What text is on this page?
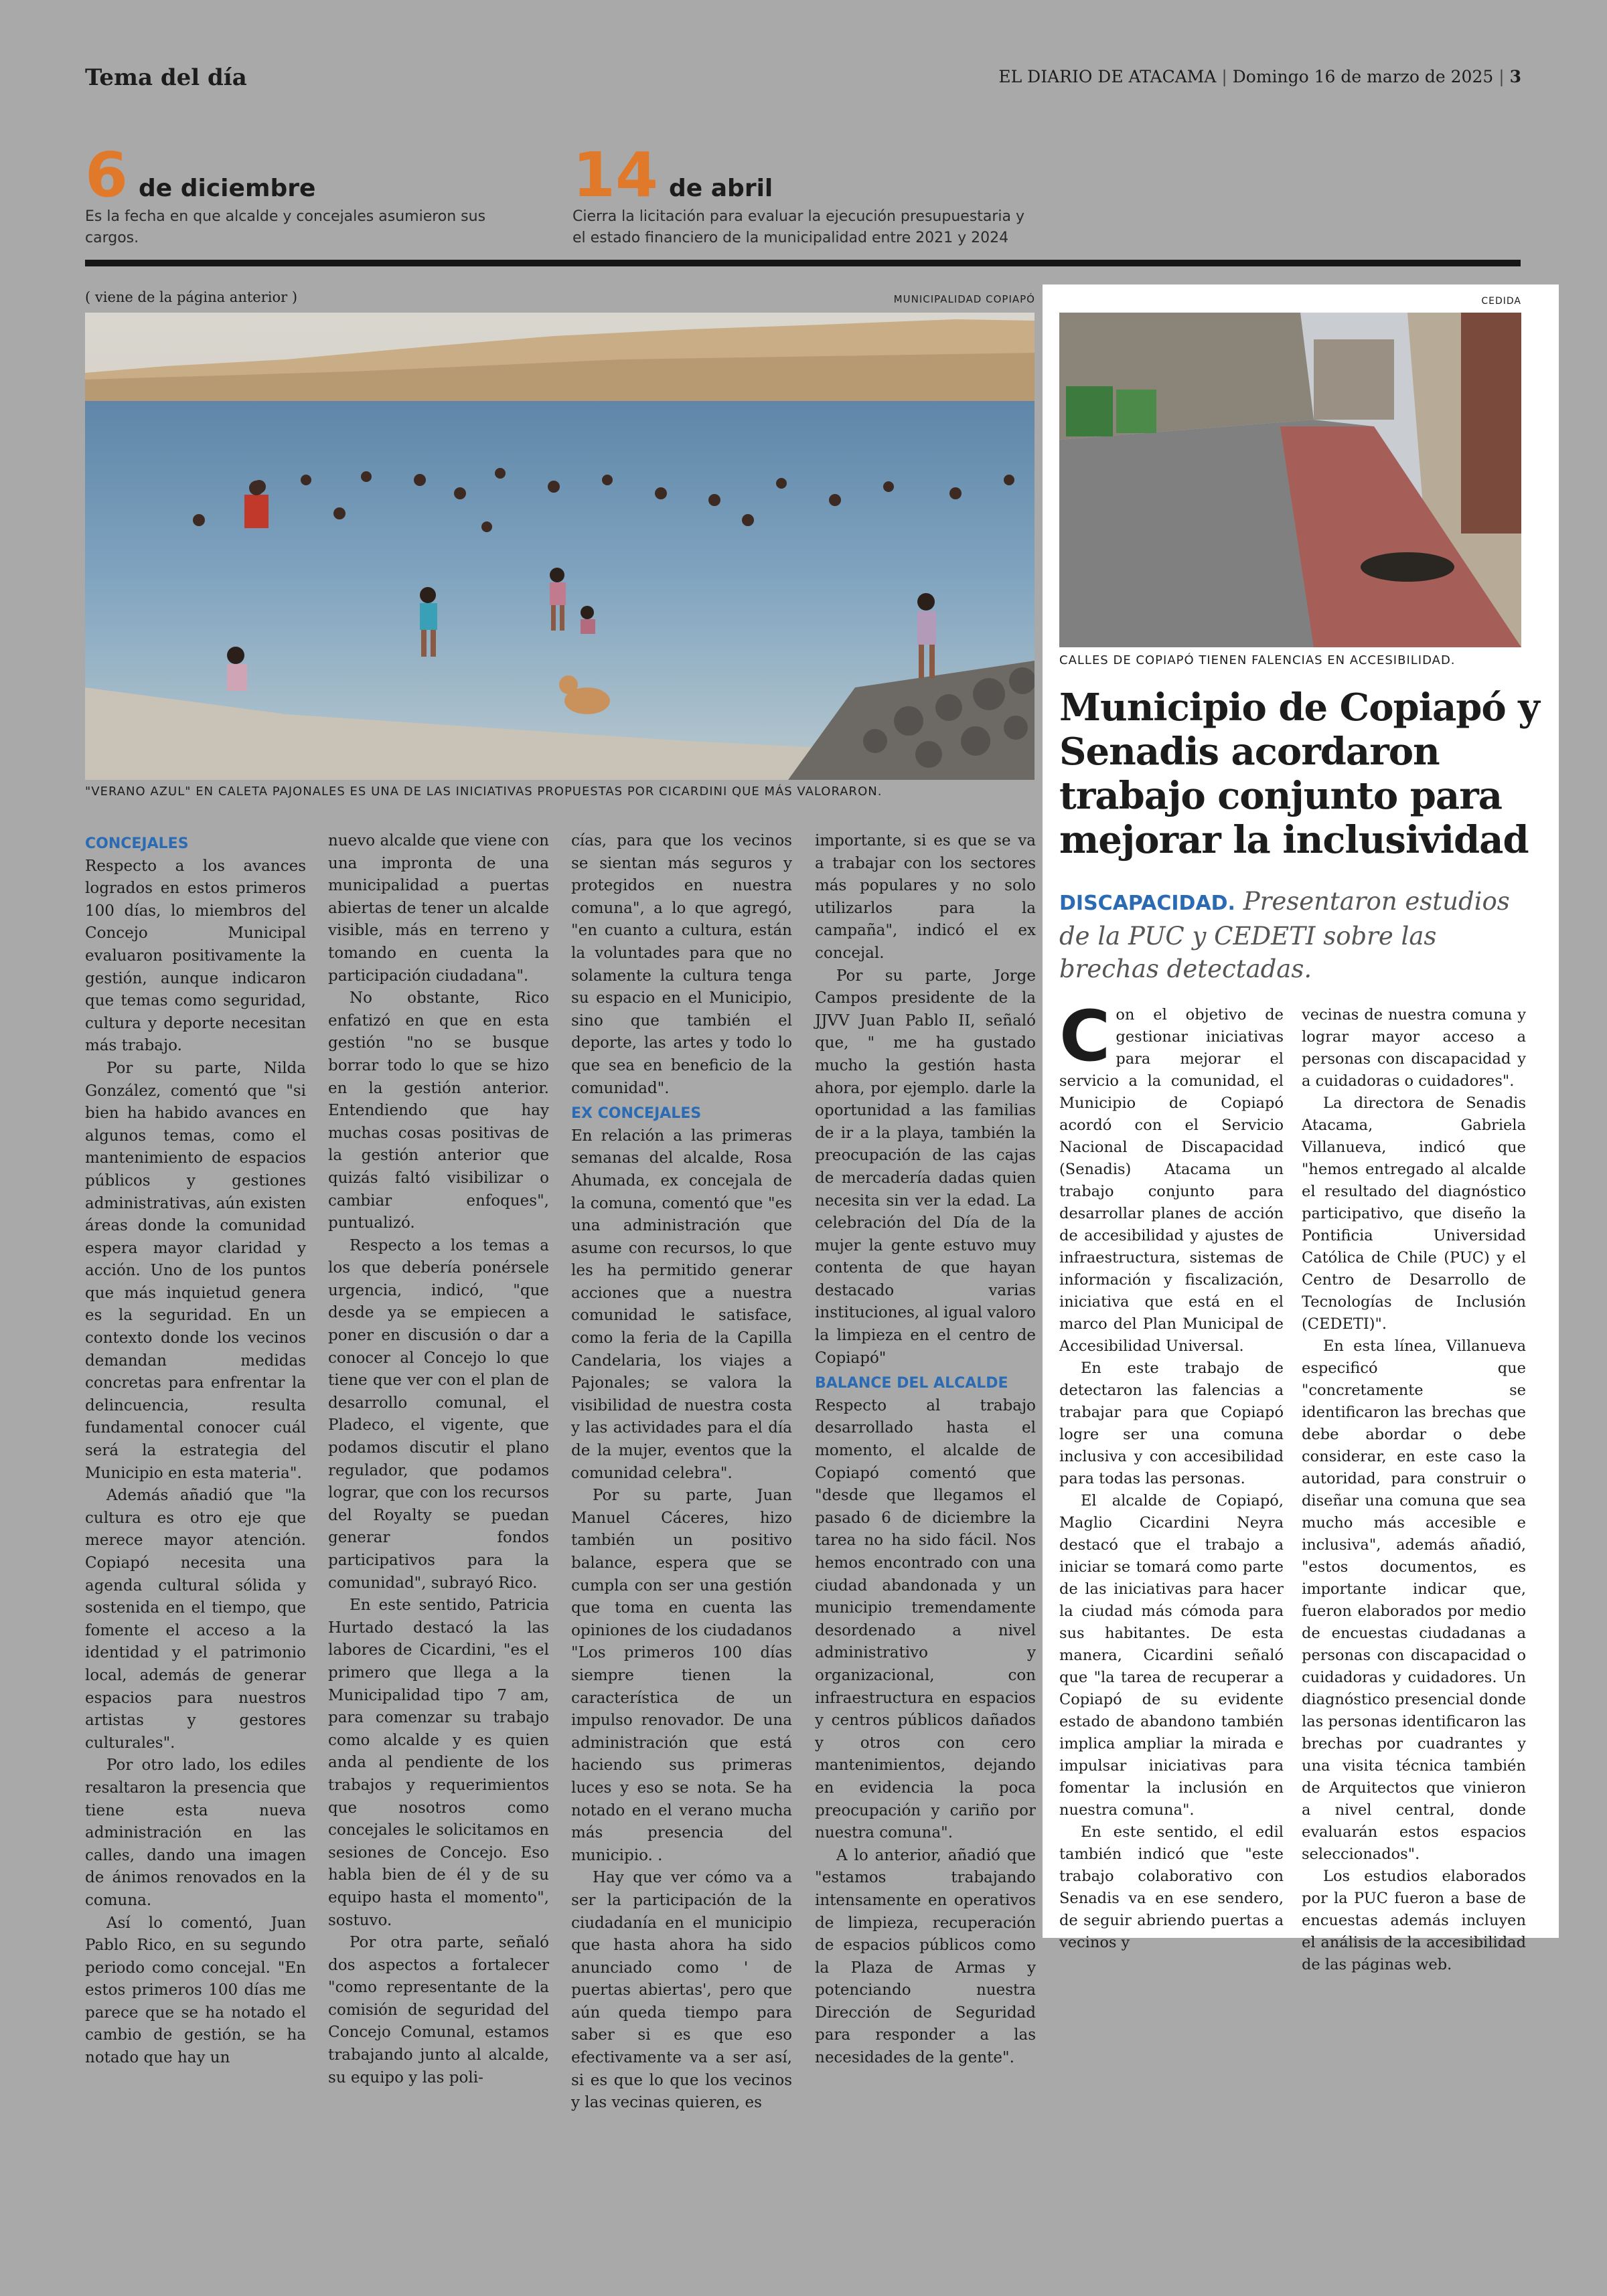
Tema del día	EL DIARIO DE ATACAMA | Domingo 16 de marzo de 2025 | 3
6 de diciembre
Es la fecha en que alcalde y concejales asumieron sus cargos.
14 de abril
Cierra la licitación para evaluar la ejecución presupuestaria y el estado financiero de la municipalidad entre 2021 y 2024
( viene de la página anterior )	MUNICIPALIDAD COPIAPÓ
"VERANO AZUL" EN CALETA PAJONALES ES UNA DE LAS INICIATIVAS PROPUESTAS POR CICARDINI QUE MÁS VALORARON.
CONCEJALES

Respecto a los avances logrados en estos primeros 100 días, lo miembros del Concejo Municipal evaluaron positivamente la gestión, aunque indicaron que temas como seguridad, cultura y deporte necesitan más trabajo.

Por su parte, Nilda González, comentó que "si bien ha habido avances en algunos temas, como el mantenimiento de espacios públicos y gestiones administrativas, aún existen áreas donde la comunidad espera mayor claridad y acción. Uno de los puntos que más inquietud genera es la seguridad. En un contexto donde los vecinos demandan medidas concretas para enfrentar la delincuencia, resulta fundamental conocer cuál será la estrategia del Municipio en esta materia".

Además añadió que "la cultura es otro eje que merece mayor atención. Copiapó necesita una agenda cultural sólida y sostenida en el tiempo, que fomente el acceso a la identidad y el patrimonio local, además de generar espacios para nuestros artistas y gestores culturales".

Por otro lado, los ediles resaltaron la presencia que tiene esta nueva administración en las calles, dando una imagen de ánimos renovados en la comuna.

Así lo comentó, Juan Pablo Rico, en su segundo periodo como concejal. "En estos primeros 100 días me parece que se ha notado el cambio de gestión, se ha notado que hay un

nuevo alcalde que viene con una impronta de una municipalidad a puertas abiertas de tener un alcalde visible, más en terreno y tomando en cuenta la participación ciudadana".

No obstante, Rico enfatizó en que en esta gestión "no se busque borrar todo lo que se hizo en la gestión anterior. Entendiendo que hay muchas cosas positivas de la gestión anterior que quizás faltó visibilizar o cambiar enfoques", puntualizó.

Respecto a los temas a los que debería ponérsele urgencia, indicó, "que desde ya se empiecen a poner en discusión o dar a conocer al Concejo lo que tiene que ver con el plan de desarrollo comunal, el Pladeco, el vigente, que podamos discutir el plano regulador, que podamos lograr, que con los recursos del Royalty se puedan generar fondos participativos para la comunidad", subrayó Rico.

En este sentido, Patricia Hurtado destacó la las labores de Cicardini, "es el primero que llega a la Municipalidad tipo 7 am, para comenzar su trabajo como alcalde y es quien anda al pendiente de los trabajos y requerimientos que nosotros como concejales le solicitamos en sesiones de Concejo. Eso habla bien de él y de su equipo hasta el momento", sostuvo.

Por otra parte, señaló dos aspectos a fortalecer "como representante de la comisión de seguridad del Concejo Comunal, estamos trabajando junto al alcalde, su equipo y las poli-

cías, para que los vecinos se sientan más seguros y protegidos en nuestra comuna", a lo que agregó, "en cuanto a cultura, están la voluntades para que no solamente la cultura tenga su espacio en el Municipio, sino que también el deporte, las artes y todo lo que sea en beneficio de la comunidad".

EX CONCEJALES

En relación a las primeras semanas del alcalde, Rosa Ahumada, ex concejala de la comuna, comentó que "es una administración que asume con recursos, lo que les ha permitido generar acciones que a nuestra comunidad le satisface, como la feria de la Capilla Candelaria, los viajes a Pajonales; se valora la visibilidad de nuestra costa y las actividades para el día de la mujer, eventos que la comunidad celebra".

Por su parte, Juan Manuel Cáceres, hizo también un positivo balance, espera que se cumpla con ser una gestión que toma en cuenta las opiniones de los ciudadanos "Los primeros 100 días siempre tienen la característica de un impulso renovador. De una administración que está haciendo sus primeras luces y eso se nota. Se ha notado en el verano mucha más presencia del municipio. .

Hay que ver cómo va a ser la participación de la ciudadanía en el municipio que hasta ahora ha sido anunciado como ' de puertas abiertas', pero que aún queda tiempo para saber si es que eso efectivamente va a ser así, si es que lo que los vecinos y las vecinas quieren, es

importante, si es que se va a trabajar con los sectores más populares y no solo utilizarlos para la campaña", indicó el ex concejal.

Por su parte, Jorge Campos presidente de la JJVV Juan Pablo II, señaló que, " me ha gustado mucho la gestión hasta ahora, por ejemplo. darle la oportunidad a las familias de ir a la playa, también la preocupación de las cajas de mercadería dadas quien necesita sin ver la edad. La celebración del Día de la mujer la gente estuvo muy contenta de que hayan destacado varias instituciones, al igual valoro la limpieza en el centro de Copiapó"

BALANCE DEL ALCALDE

Respecto al trabajo desarrollado hasta el momento, el alcalde de Copiapó comentó que "desde que llegamos el pasado 6 de diciembre la tarea no ha sido fácil. Nos hemos encontrado con una ciudad abandonada y un municipio tremendamente desordenado a nivel administrativo y organizacional, con infraestructura en espacios y centros públicos dañados y otros con cero mantenimientos, dejando en evidencia la poca preocupación y cariño por nuestra comuna".

A lo anterior, añadió que "estamos trabajando intensamente en operativos de limpieza, recuperación de espacios públicos como la Plaza de Armas y potenciando nuestra Dirección de Seguridad para responder a las necesidades de la gente".

CEDIDA
CALLES DE COPIAPÓ TIENEN FALENCIAS EN ACCESIBILIDAD.
Municipio de Copiapó y Senadis acordaron trabajo conjunto para mejorar la inclusividad
DISCAPACIDAD. Presentaron estudios de la PUC y CEDETI sobre las brechas detectadas.

Con el objetivo de gestionar iniciativas para mejorar el servicio a la comunidad, el Municipio de Copiapó acordó con el Servicio Nacional de Discapacidad (Senadis) Atacama un trabajo conjunto para desarrollar planes de acción de accesibilidad y ajustes de infraestructura, sistemas de información y fiscalización, iniciativa que está en el marco del Plan Municipal de Accesibilidad Universal.

En este trabajo de detectaron las falencias a trabajar para que Copiapó logre ser una comuna inclusiva y con accesibilidad para todas las personas.

El alcalde de Copiapó, Maglio Cicardini Neyra destacó que el trabajo a iniciar se tomará como parte de las iniciativas para hacer la ciudad más cómoda para sus habitantes. De esta manera, Cicardini señaló que "la tarea de recuperar a Copiapó de su evidente estado de abandono también implica ampliar la mirada e impulsar iniciativas para fomentar la inclusión en nuestra comuna".

En este sentido, el edil también indicó que "este trabajo colaborativo con Senadis va en ese sendero, de seguir abriendo puertas a vecinos y

vecinas de nuestra comuna y lograr mayor acceso a personas con discapacidad y a cuidadoras o cuidadores".

La directora de Senadis Atacama, Gabriela Villanueva, indicó que "hemos entregado al alcalde el resultado del diagnóstico participativo, que diseño la Pontificia Universidad Católica de Chile (PUC) y el Centro de Desarrollo de Tecnologías de Inclusión (CEDETI)".

En esta línea, Villanueva especificó que "concretamente se identificaron las brechas que debe abordar o debe considerar, en este caso la autoridad, para construir o diseñar una comuna que sea mucho más accesible e inclusiva", además añadió, "estos documentos, es importante indicar que, fueron elaborados por medio de encuestas ciudadanas a personas con discapacidad o cuidadoras y cuidadores. Un diagnóstico presencial donde las personas identificaron las brechas por cuadrantes y una visita técnica también de Arquitectos que vinieron a nivel central, donde evaluarán estos espacios seleccionados".

Los estudios elaborados por la PUC fueron a base de encuestas además incluyen el análisis de la accesibilidad de las páginas web.
